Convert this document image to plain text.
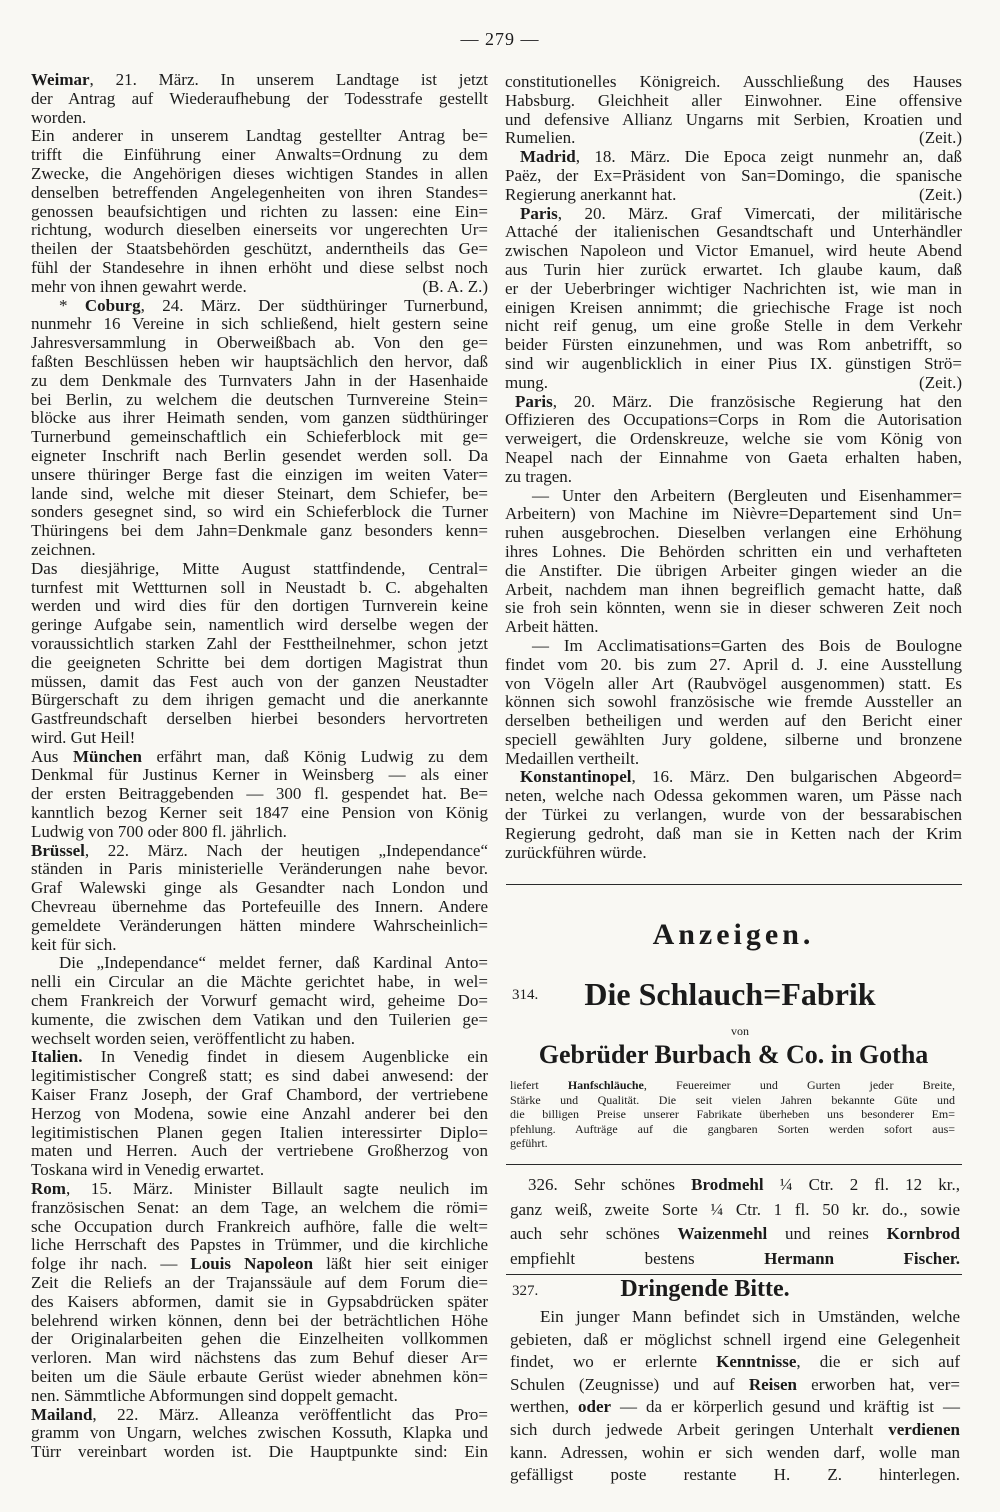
— 279 —
Weimar, 21. März. In unserem Landtage ist jetzt
der Antrag auf Wiederaufhebung der Todesstrafe gestellt
worden.
Ein anderer in unserem Landtag gestellter Antrag be=
trifft die Einführung einer Anwalts=Ordnung zu dem
Zwecke, die Angehörigen dieses wichtigen Standes in allen
denselben betreffenden Angelegenheiten von ihren Standes=
genossen beaufsichtigen und richten zu lassen: eine Ein=
richtung, wodurch dieselben einerseits vor ungerechten Ur=
theilen der Staatsbehörden geschützt, anderntheils das Ge=
fühl der Standesehre in ihnen erhöht und diese selbst noch
mehr von ihnen gewahrt werde.	(B. A. Z.)
* Coburg, 24. März. Der südthüringer Turnerbund,
nunmehr 16 Vereine in sich schließend, hielt gestern seine
Jahresversammlung in Oberweißbach ab. Von den ge=
faßten Beschlüssen heben wir hauptsächlich den hervor, daß
zu dem Denkmale des Turnvaters Jahn in der Hasenhaide
bei Berlin, zu welchem die deutschen Turnvereine Stein=
blöcke aus ihrer Heimath senden, vom ganzen südthüringer
Turnerbund gemeinschaftlich ein Schieferblock mit ge=
eigneter Inschrift nach Berlin gesendet werden soll. Da
unsere thüringer Berge fast die einzigen im weiten Vater=
lande sind, welche mit dieser Steinart, dem Schiefer, be=
sonders gesegnet sind, so wird ein Schieferblock die Turner
Thüringens bei dem Jahn=Denkmale ganz besonders kenn=
zeichnen.
Das diesjährige, Mitte August stattfindende, Central=
turnfest mit Wettturnen soll in Neustadt b. C. abgehalten
werden und wird dies für den dortigen Turnverein keine
geringe Aufgabe sein, namentlich wird derselbe wegen der
voraussichtlich starken Zahl der Festtheilnehmer, schon jetzt
die geeigneten Schritte bei dem dortigen Magistrat thun
müssen, damit das Fest auch von der ganzen Neustadter
Bürgerschaft zu dem ihrigen gemacht und die anerkannte
Gastfreundschaft derselben hierbei besonders hervortreten
wird. Gut Heil!
Aus München erfährt man, daß König Ludwig zu dem
Denkmal für Justinus Kerner in Weinsberg — als einer
der ersten Beitraggebenden — 300 fl. gespendet hat. Be=
kanntlich bezog Kerner seit 1847 eine Pension von König
Ludwig von 700 oder 800 fl. jährlich.
Brüssel, 22. März. Nach der heutigen „Independance“
ständen in Paris ministerielle Veränderungen nahe bevor.
Graf Walewski ginge als Gesandter nach London und
Chevreau übernehme das Portefeuille des Innern. Andere
gemeldete Veränderungen hätten mindere Wahrscheinlich=
keit für sich.
Die „Independance“ meldet ferner, daß Kardinal Anto=
nelli ein Circular an die Mächte gerichtet habe, in wel=
chem Frankreich der Vorwurf gemacht wird, geheime Do=
kumente, die zwischen dem Vatikan und den Tuilerien ge=
wechselt worden seien, veröffentlicht zu haben.
Italien. In Venedig findet in diesem Augenblicke ein
legitimistischer Congreß statt; es sind dabei anwesend: der
Kaiser Franz Joseph, der Graf Chambord, der vertriebene
Herzog von Modena, sowie eine Anzahl anderer bei den
legitimistischen Planen gegen Italien interessirter Diplo=
maten und Herren. Auch der vertriebene Großherzog von
Toskana wird in Venedig erwartet.
Rom, 15. März. Minister Billault sagte neulich im
französischen Senat: an dem Tage, an welchem die römi=
sche Occupation durch Frankreich aufhöre, falle die welt=
liche Herrschaft des Papstes in Trümmer, und die kirchliche
folge ihr nach. — Louis Napoleon läßt hier seit einiger
Zeit die Reliefs an der Trajanssäule auf dem Forum die=
des Kaisers abformen, damit sie in Gypsabdrücken später
belehrend wirken können, denn bei der beträchtlichen Höhe
der Originalarbeiten gehen die Einzelheiten vollkommen
verloren. Man wird nächstens das zum Behuf dieser Ar=
beiten um die Säule erbaute Gerüst wieder abnehmen kön=
nen. Sämmtliche Abformungen sind doppelt gemacht.
Mailand, 22. März. Alleanza veröffentlicht das Pro=
gramm von Ungarn, welches zwischen Kossuth, Klapka und
Türr vereinbart worden ist. Die Hauptpunkte sind: Ein
constitutionelles Königreich. Ausschließung des Hauses
Habsburg. Gleichheit aller Einwohner. Eine offensive
und defensive Allianz Ungarns mit Serbien, Kroatien und
Rumelien.	(Zeit.)
Madrid, 18. März. Die Epoca zeigt nunmehr an, daß
Paëz, der Ex=Präsident von San=Domingo, die spanische
Regierung anerkannt hat.	(Zeit.)
Paris, 20. März. Graf Vimercati, der militärische
Attaché der italienischen Gesandtschaft und Unterhändler
zwischen Napoleon und Victor Emanuel, wird heute Abend
aus Turin hier zurück erwartet. Ich glaube kaum, daß
er der Ueberbringer wichtiger Nachrichten ist, wie man in
einigen Kreisen annimmt; die griechische Frage ist noch
nicht reif genug, um eine große Stelle in dem Verkehr
beider Fürsten einzunehmen, und was Rom anbetrifft, so
sind wir augenblicklich in einer Pius IX. günstigen Strö=
mung.	(Zeit.)
Paris, 20. März. Die französische Regierung hat den
Offizieren des Occupations=Corps in Rom die Autorisation
verweigert, die Ordenskreuze, welche sie vom König von
Neapel nach der Einnahme von Gaeta erhalten haben,
zu tragen.
— Unter den Arbeitern (Bergleuten und Eisenhammer=
Arbeitern) von Machine im Nièvre=Departement sind Un=
ruhen ausgebrochen. Dieselben verlangen eine Erhöhung
ihres Lohnes. Die Behörden schritten ein und verhafteten
die Anstifter. Die übrigen Arbeiter gingen wieder an die
Arbeit, nachdem man ihnen begreiflich gemacht hatte, daß
sie froh sein könnten, wenn sie in dieser schweren Zeit noch
Arbeit hätten.
— Im Acclimatisations=Garten des Bois de Boulogne
findet vom 20. bis zum 27. April d. J. eine Ausstellung
von Vögeln aller Art (Raubvögel ausgenommen) statt. Es
können sich sowohl französische wie fremde Aussteller an
derselben betheiligen und werden auf den Bericht einer
speciell gewählten Jury goldene, silberne und bronzene
Medaillen vertheilt.
Konstantinopel, 16. März. Den bulgarischen Abgeord=
neten, welche nach Odessa gekommen waren, um Pässe nach
der Türkei zu verlangen, wurde von der bessarabischen
Regierung gedroht, daß man sie in Ketten nach der Krim
zurückführen würde.
Anzeigen.
314.	Die Schlauch=Fabrik
von
Gebrüder Burbach & Co. in Gotha
liefert Hanfschläuche, Feuereimer und Gurten jeder Breite,
Stärke und Qualität. Die seit vielen Jahren bekannte Güte und
die billigen Preise unserer Fabrikate überheben uns besonderer Em=
pfehlung. Aufträge auf die gangbaren Sorten werden sofort aus=
geführt.
326. Sehr schönes Brodmehl ¼ Ctr. 2 fl. 12 kr.,
ganz weiß, zweite Sorte ¼ Ctr. 1 fl. 50 kr. do., sowie
auch sehr schönes Waizenmehl und reines Kornbrod
empfiehlt bestens Hermann Fischer.
327.	Dringende Bitte.
Ein junger Mann befindet sich in Umständen, welche
gebieten, daß er möglichst schnell irgend eine Gelegenheit
findet, wo er erlernte Kenntnisse, die er sich auf
Schulen (Zeugnisse) und auf Reisen erworben hat, ver=
werthen, oder — da er körperlich gesund und kräftig ist —
sich durch jedwede Arbeit geringen Unterhalt verdienen
kann. Adressen, wohin er sich wenden darf, wolle man
gefälligst poste restante H. Z. hinterlegen.
